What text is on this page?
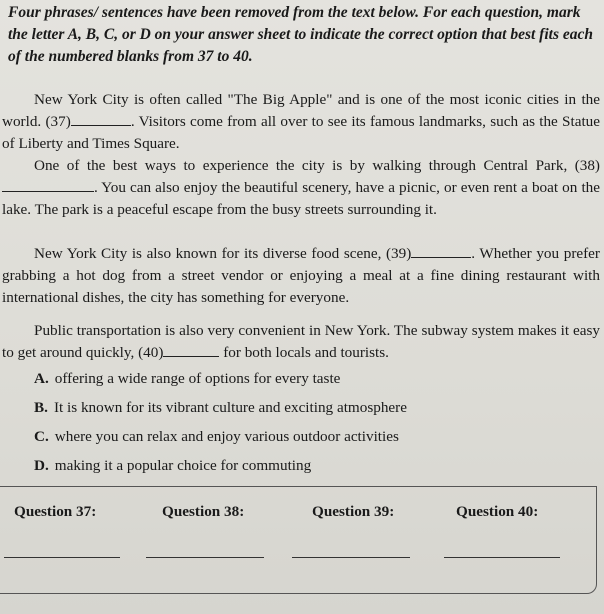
Four phrases/ sentences have been removed from the text below. For each question, mark the letter A, B, C, or D on your answer sheet to indicate the correct option that best fits each of the numbered blanks from 37 to 40.
New York City is often called "The Big Apple" and is one of the most iconic cities in the world. (37)	. Visitors come from all over to see its famous landmarks, such as the Statue of Liberty and Times Square.
One of the best ways to experience the city is by walking through Central Park, (38). You can also enjoy the beautiful scenery, have a picnic, or even rent a boat on the lake. The park is a peaceful escape from the busy streets surrounding it.
New York City is also known for its diverse food scene, (39)	. Whether you prefer grabbing a hot dog from a street vendor or enjoying a meal at a fine dining restaurant with international dishes, the city has something for everyone.
Public transportation is also very convenient in New York. The subway system makes it easy to get around quickly, (40)	for both locals and tourists.
A. offering a wide range of options for every taste
B. It is known for its vibrant culture and exciting atmosphere
C. where you can relax and enjoy various outdoor activities
D. making it a popular choice for commuting
Question 37:	Question 38:	Question 39:	Question 40:
